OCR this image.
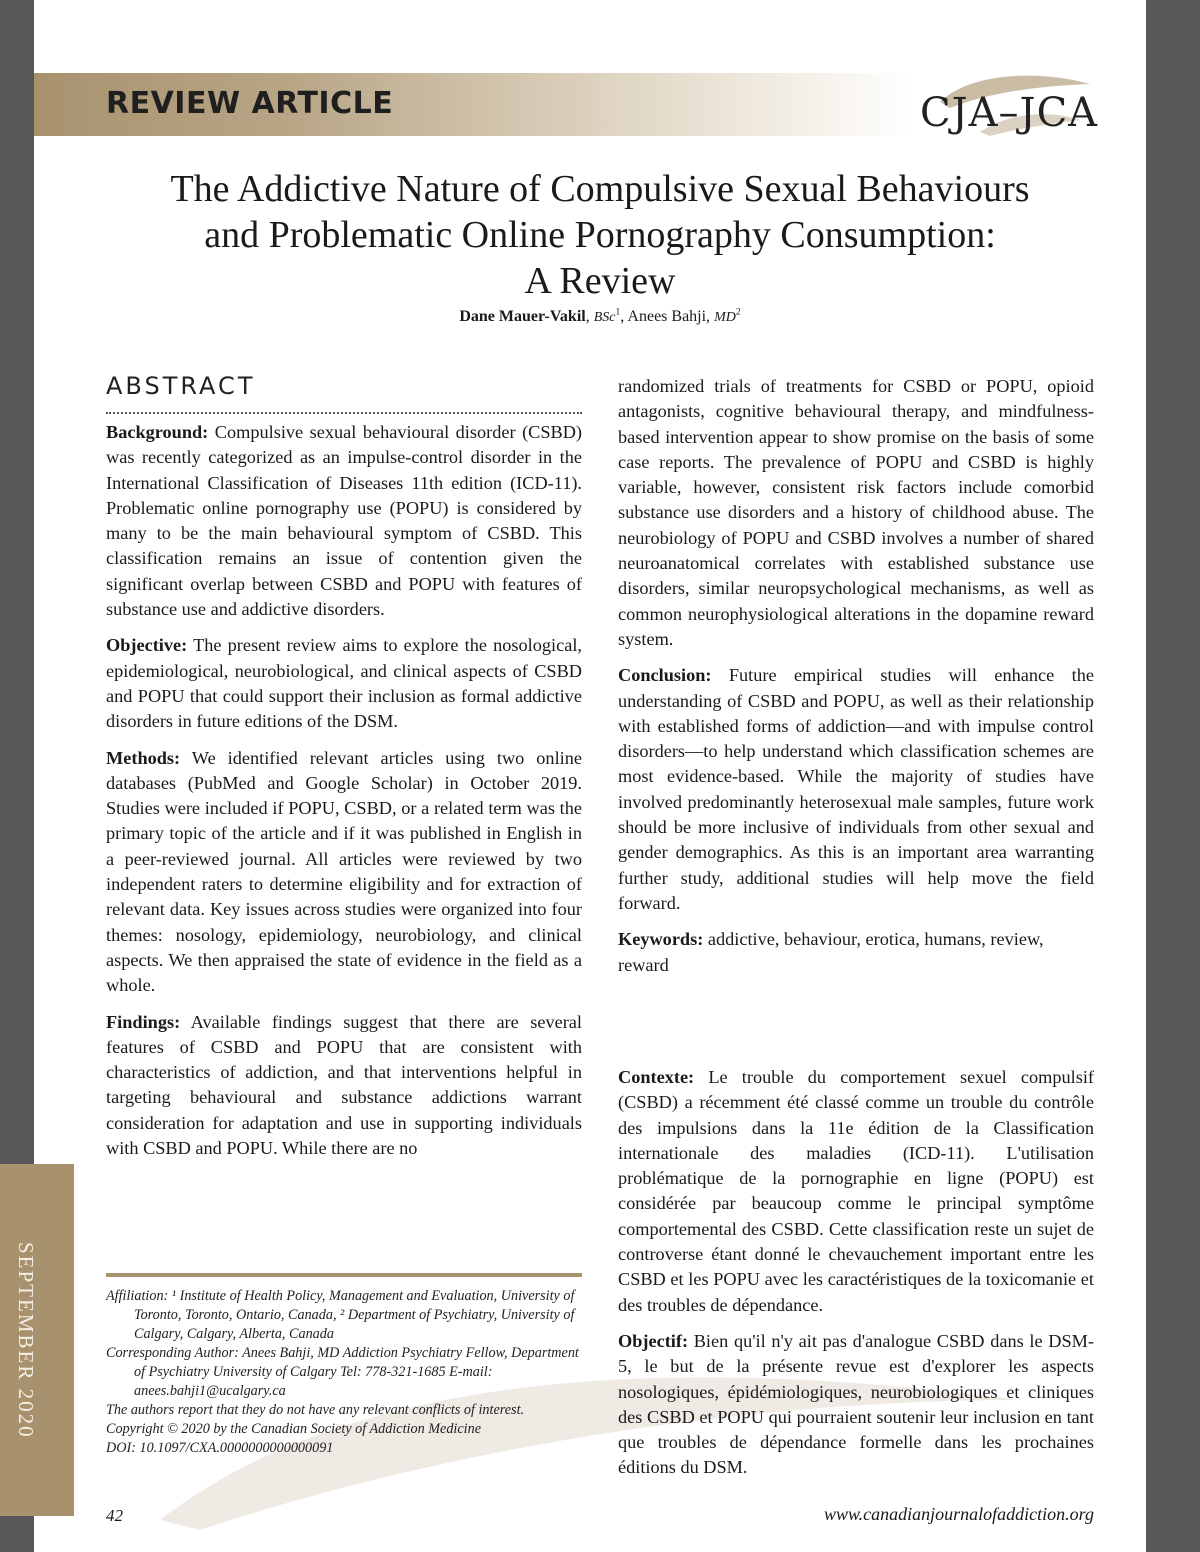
REVIEW ARTICLE	CJA–JCA
The Addictive Nature of Compulsive Sexual Behaviours
and Problematic Online Pornography Consumption:
A Review
Dane Mauer-Vakil, BSc$^1$, Anees Bahji, $MD^2$
ABSTRACT

Background: Compulsive sexual behavioural disorder (CSBD) was recently categorized as an impulse-control disorder in the International Classification of Diseases 11th edition (ICD-11). Problematic online pornography use (POPU) is considered by many to be the main behavioural symptom of CSBD. This classification remains an issue of contention given the significant overlap between CSBD and POPU with features of substance use and addictive disorders.

Objective: The present review aims to explore the nosological, epidemiological, neurobiological, and clinical aspects of CSBD and POPU that could support their inclusion as formal addictive disorders in future editions of the DSM.

Methods: We identified relevant articles using two online databases (PubMed and Google Scholar) in October 2019. Studies were included if POPU, CSBD, or a related term was the primary topic of the article and if it was published in English in a peer-reviewed journal. All articles were reviewed by two independent raters to determine eligibility and for extraction of relevant data. Key issues across studies were organized into four themes: nosology, epidemiology, neurobiology, and clinical aspects. We then appraised the state of evidence in the field as a whole.

Findings: Available findings suggest that there are several features of CSBD and POPU that are consistent with characteristics of addiction, and that interventions helpful in targeting behavioural and substance addictions warrant consideration for adaptation and use in supporting individuals with CSBD and POPU. While there are no

randomized trials of treatments for CSBD or POPU, opioid antagonists, cognitive behavioural therapy, and mindfulness-based intervention appear to show promise on the basis of some case reports. The prevalence of POPU and CSBD is highly variable, however, consistent risk factors include comorbid substance use disorders and a history of childhood abuse. The neurobiology of POPU and CSBD involves a number of shared neuroanatomical correlates with established substance use disorders, similar neuropsychological mechanisms, as well as common neurophysiological alterations in the dopamine reward system.

Conclusion: Future empirical studies will enhance the understanding of CSBD and POPU, as well as their relationship with established forms of addiction—and with impulse control disorders—to help understand which classification schemes are most evidence-based. While the majority of studies have involved predominantly heterosexual male samples, future work should be more inclusive of individuals from other sexual and gender demographics. As this is an important area warranting further study, additional studies will help move the field forward.

Keywords: addictive, behaviour, erotica, humans, review, reward

Contexte: Le trouble du comportement sexuel compulsif (CSBD) a récemment été classé comme un trouble du contrôle des impulsions dans la 11e édition de la Classification internationale des maladies (ICD-11). L'utilisation problématique de la pornographie en ligne (POPU) est considérée par beaucoup comme le principal symptôme comportemental des CSBD. Cette classification reste un sujet de controverse étant donné le chevauchement important entre les CSBD et les POPU avec les caractéristiques de la toxicomanie et des troubles de dépendance.

Objectif: Bien qu'il n'y ait pas d'analogue CSBD dans le DSM-5, le but de la présente revue est d'explorer les aspects nosologiques, épidémiologiques, neurobiologiques et cliniques des CSBD et POPU qui pourraient soutenir leur inclusion en tant que troubles de dépendance formelle dans les prochaines éditions du DSM.

Affiliation: ¹ Institute of Health Policy, Management and Evaluation, University of Toronto, Toronto, Ontario, Canada, ² Department of Psychiatry, University of Calgary, Calgary, Alberta, Canada
Corresponding Author: Anees Bahji, MD Addiction Psychiatry Fellow, Department of Psychiatry University of Calgary Tel: 778-321-1685 E-mail: anees.bahji1@ucalgary.ca
The authors report that they do not have any relevant conflicts of interest.
Copyright © 2020 by the Canadian Society of Addiction Medicine
DOI: 10.1097/CXA.0000000000000091
SEPTEMBER 2020
42	www.canadianjournalofaddiction.org
